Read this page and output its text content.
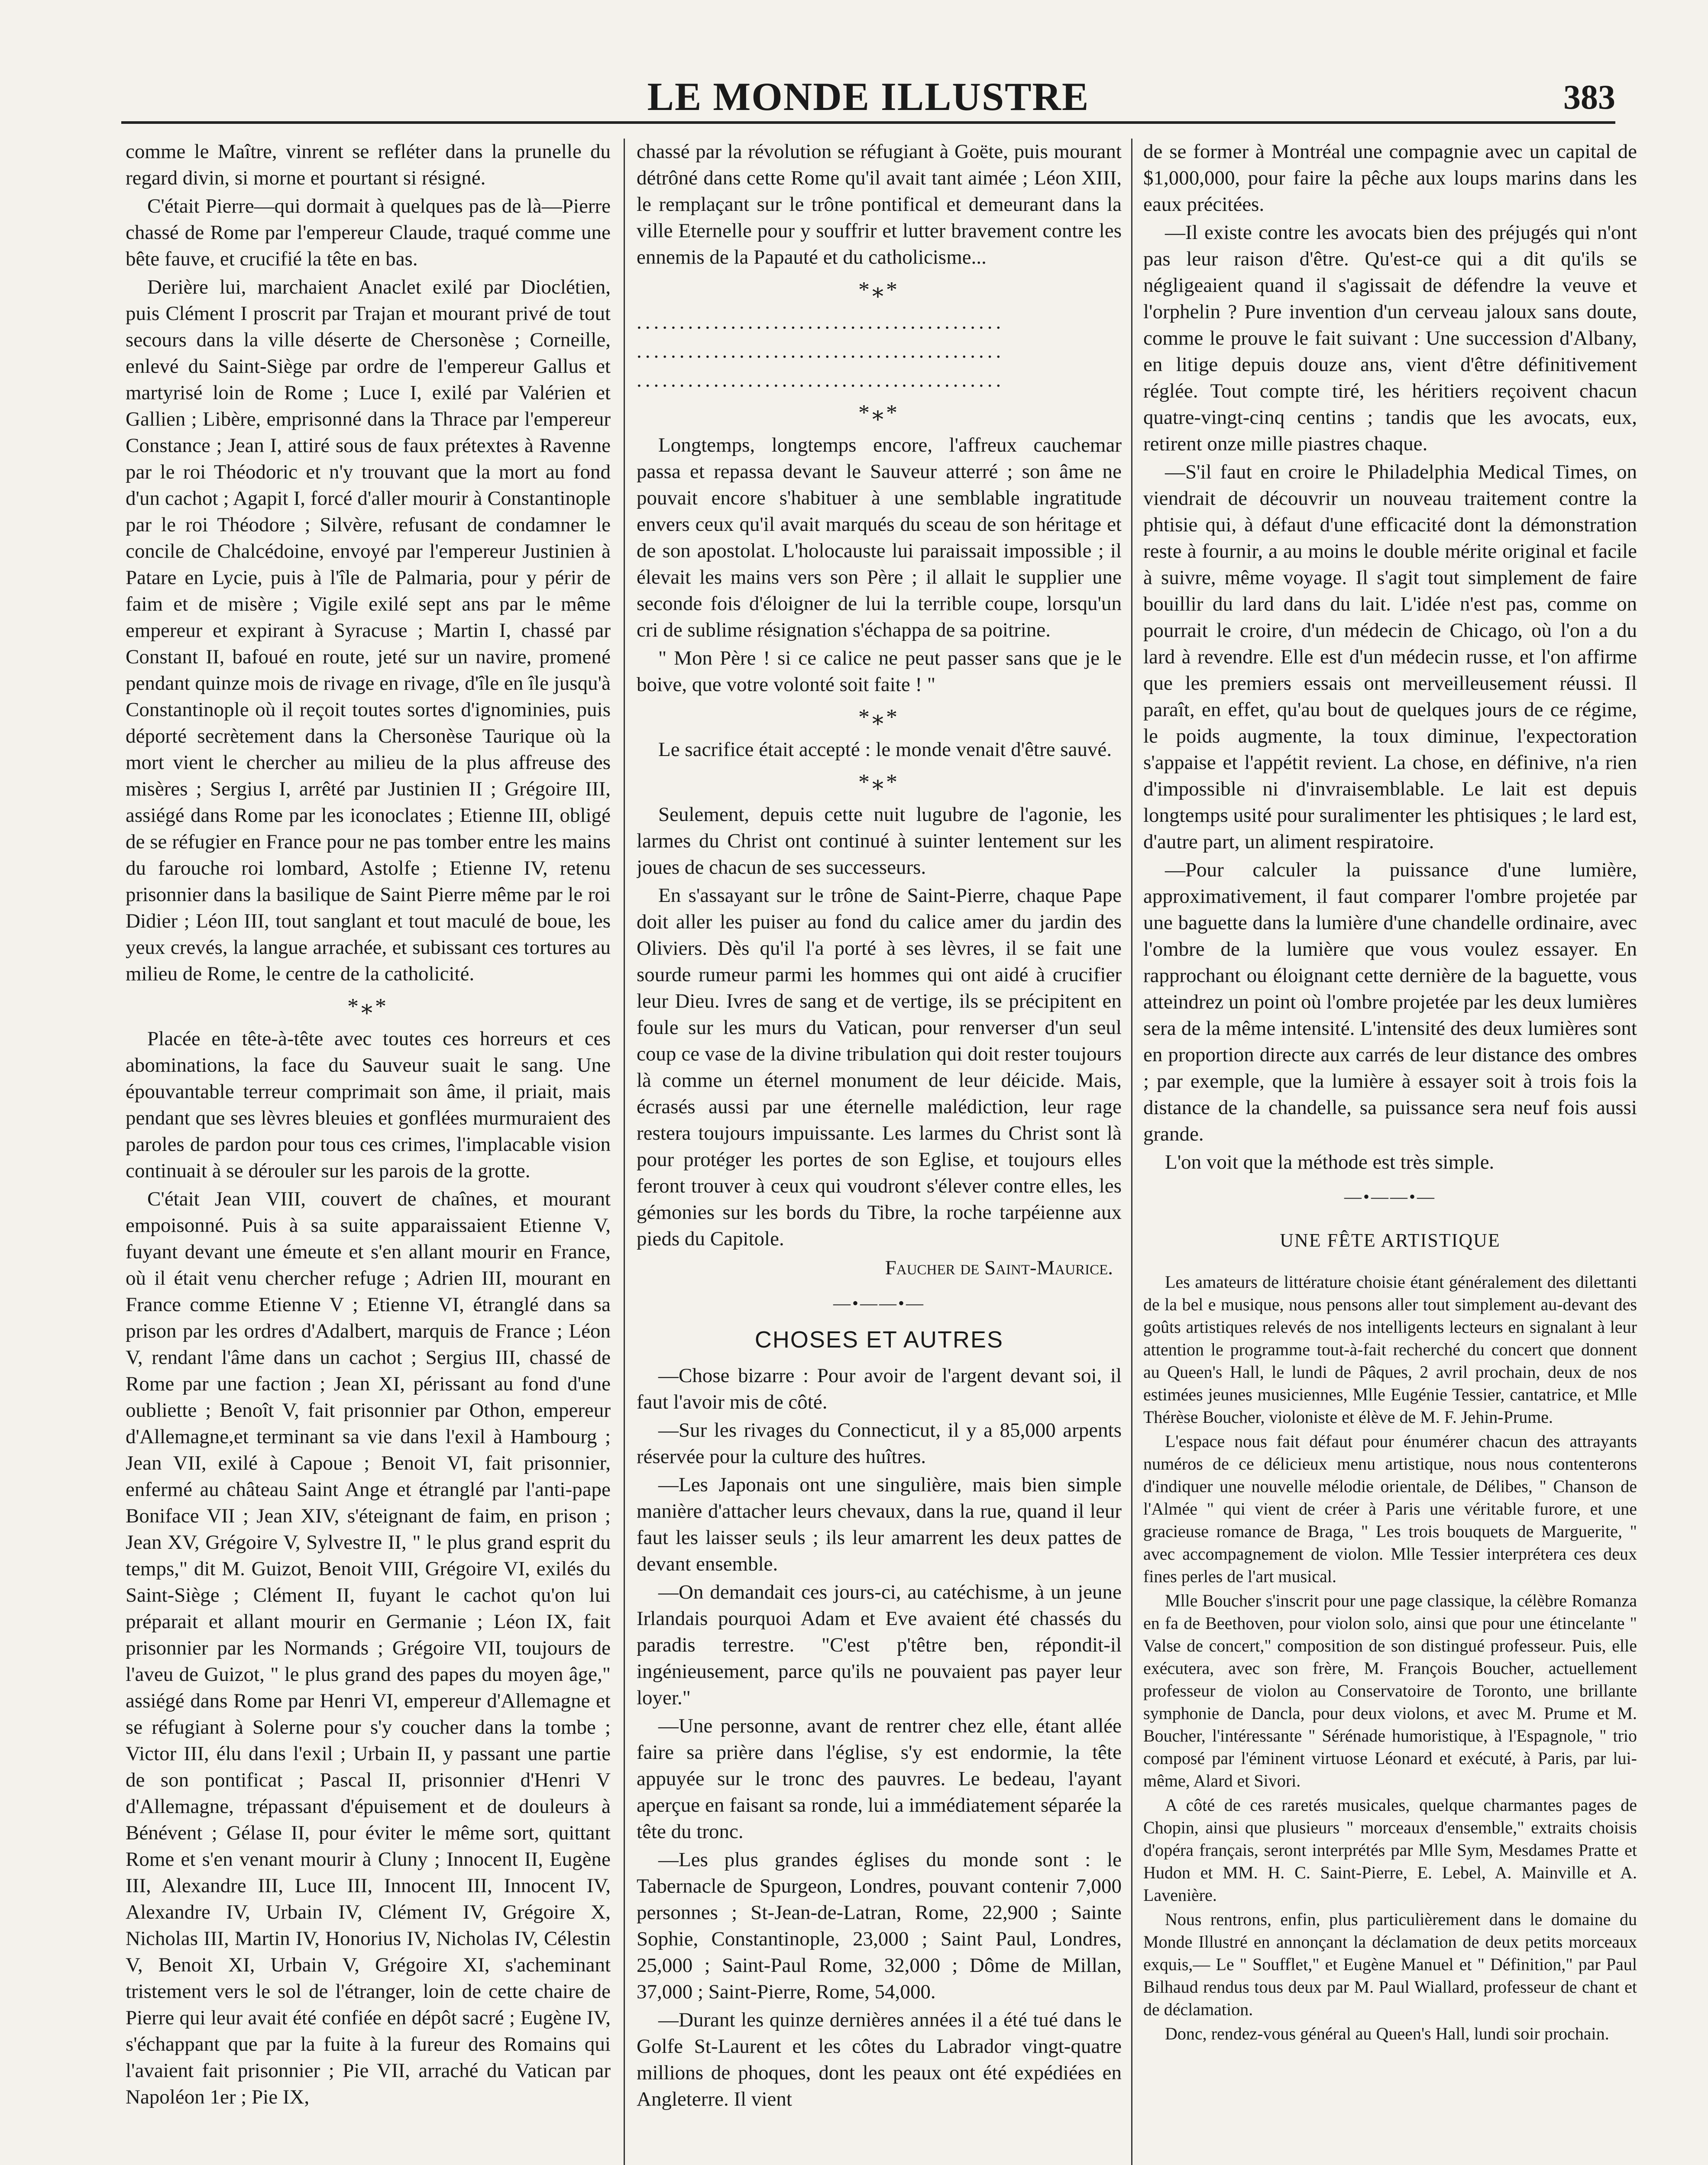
LE MONDE ILLUSTRE	383

comme le Maître, vinrent se refléter dans la prunelle du regard divin, si morne et pourtant si résigné.

C'était Pierre—qui dormait à quelques pas de là—Pierre chassé de Rome par l'empereur Claude, traqué comme une bête fauve, et crucifié la tête en bas.

Derière lui, marchaient Anaclet exilé par Dioclétien, puis Clément I proscrit par Trajan et mourant privé de tout secours dans la ville déserte de Chersonèse ; Corneille, enlevé du Saint-Siège par ordre de l'empereur Gallus et martyrisé loin de Rome ; Luce I, exilé par Valérien et Gallien ; Libère, emprisonné dans la Thrace par l'empereur Constance ; Jean I, attiré sous de faux prétextes à Ravenne par le roi Théodoric et n'y trouvant que la mort au fond d'un cachot ; Agapit I, forcé d'aller mourir à Constantinople par le roi Théodore ; Silvère, refusant de condamner le concile de Chalcédoine, envoyé par l'empereur Justinien à Patare en Lycie, puis à l'île de Palmaria, pour y périr de faim et de misère ; Vigile exilé sept ans par le même empereur et expirant à Syracuse ; Martin I, chassé par Constant II, bafoué en route, jeté sur un navire, promené pendant quinze mois de rivage en rivage, d'île en île jusqu'à Constantinople où il reçoit toutes sortes d'ignominies, puis déporté secrètement dans la Chersonèse Taurique où la mort vient le chercher au milieu de la plus affreuse des misères ; Sergius I, arrêté par Justinien II ; Grégoire III, assiégé dans Rome par les iconoclates ; Etienne III, obligé de se réfugier en France pour ne pas tomber entre les mains du farouche roi lombard, Astolfe ; Etienne IV, retenu prisonnier dans la basilique de Saint Pierre même par le roi Didier ; Léon III, tout sanglant et tout maculé de boue, les yeux crevés, la langue arrachée, et subissant ces tortures au milieu de Rome, le centre de la catholicité.

*⁎*

Placée en tête-à-tête avec toutes ces horreurs et ces abominations, la face du Sauveur suait le sang. Une épouvantable terreur comprimait son âme, il priait, mais pendant que ses lèvres bleuies et gonflées murmuraient des paroles de pardon pour tous ces crimes, l'implacable vision continuait à se dérouler sur les parois de la grotte.

C'était Jean VIII, couvert de chaînes, et mourant empoisonné. Puis à sa suite apparaissaient Etienne V, fuyant devant une émeute et s'en allant mourir en France, où il était venu chercher refuge ; Adrien III, mourant en France comme Etienne V ; Etienne VI, étranglé dans sa prison par les ordres d'Adalbert, marquis de France ; Léon V, rendant l'âme dans un cachot ; Sergius III, chassé de Rome par une faction ; Jean XI, périssant au fond d'une oubliette ; Benoît V, fait prisonnier par Othon, empereur d'Allemagne,et terminant sa vie dans l'exil à Hambourg ; Jean VII, exilé à Capoue ; Benoit VI, fait prisonnier, enfermé au château Saint Ange et étranglé par l'anti-pape Boniface VII ; Jean XIV, s'éteignant de faim, en prison ; Jean XV, Grégoire V, Sylvestre II, " le plus grand esprit du temps," dit M. Guizot, Benoit VIII, Grégoire VI, exilés du Saint-Siège ; Clément II, fuyant le cachot qu'on lui préparait et allant mourir en Germanie ; Léon IX, fait prisonnier par les Normands ; Grégoire VII, toujours de l'aveu de Guizot, " le plus grand des papes du moyen âge," assiégé dans Rome par Henri VI, empereur d'Allemagne et se réfugiant à Solerne pour s'y coucher dans la tombe ; Victor III, élu dans l'exil ; Urbain II, y passant une partie de son pontificat ; Pascal II, prisonnier d'Henri V d'Allemagne, trépassant d'épuisement et de douleurs à Bénévent ; Gélase II, pour éviter le même sort, quittant Rome et s'en venant mourir à Cluny ; Innocent II, Eugène III, Alexandre III, Luce III, Innocent III, Innocent IV, Alexandre IV, Urbain IV, Clément IV, Grégoire X, Nicholas III, Martin IV, Honorius IV, Nicholas IV, Célestin V, Benoit XI, Urbain V, Grégoire XI, s'acheminant tristement vers le sol de l'étranger, loin de cette chaire de Pierre qui leur avait été confiée en dépôt sacré ; Eugène IV, s'échappant que par la fuite à la fureur des Romains qui l'avaient fait prisonnier ; Pie VII, arraché du Vatican par Napoléon 1er ; Pie IX,

chassé par la révolution se réfugiant à Goëte, puis mourant détrôné dans cette Rome qu'il avait tant aimée ; Léon XIII, le remplaçant sur le trône pontifical et demeurant dans la ville Eternelle pour y souffrir et lutter bravement contre les ennemis de la Papauté et du catholicisme...

*⁎*
...........................................
...........................................
...........................................
*⁎*

Longtemps, longtemps encore, l'affreux cauchemar passa et repassa devant le Sauveur atterré ; son âme ne pouvait encore s'habituer à une semblable ingratitude envers ceux qu'il avait marqués du sceau de son héritage et de son apostolat. L'holocauste lui paraissait impossible ; il élevait les mains vers son Père ; il allait le supplier une seconde fois d'éloigner de lui la terrible coupe, lorsqu'un cri de sublime résignation s'échappa de sa poitrine.

" Mon Père ! si ce calice ne peut passer sans que je le boive, que votre volonté soit faite ! "

*⁎*

Le sacrifice était accepté : le monde venait d'être sauvé.

*⁎*

Seulement, depuis cette nuit lugubre de l'agonie, les larmes du Christ ont continué à suinter lentement sur les joues de chacun de ses successeurs.

En s'assayant sur le trône de Saint-Pierre, chaque Pape doit aller les puiser au fond du calice amer du jardin des Oliviers. Dès qu'il l'a porté à ses lèvres, il se fait une sourde rumeur parmi les hommes qui ont aidé à crucifier leur Dieu. Ivres de sang et de vertige, ils se précipitent en foule sur les murs du Vatican, pour renverser d'un seul coup ce vase de la divine tribulation qui doit rester toujours là comme un éternel monument de leur déicide. Mais, écrasés aussi par une éternelle malédiction, leur rage restera toujours impuissante. Les larmes du Christ sont là pour protéger les portes de son Eglise, et toujours elles feront trouver à ceux qui voudront s'élever contre elles, les gémonies sur les bords du Tibre, la roche tarpéienne aux pieds du Capitole.

Faucher de Saint-Maurice.
—•——•—
CHOSES ET AUTRES

—Chose bizarre : Pour avoir de l'argent devant soi, il faut l'avoir mis de côté.

—Sur les rivages du Connecticut, il y a 85,000 arpents réservée pour la culture des huîtres.

—Les Japonais ont une singulière, mais bien simple manière d'attacher leurs chevaux, dans la rue, quand il leur faut les laisser seuls ; ils leur amarrent les deux pattes de devant ensemble.

—On demandait ces jours-ci, au catéchisme, à un jeune Irlandais pourquoi Adam et Eve avaient été chassés du paradis terrestre. "C'est p'têtre ben, répondit-il ingénieusement, parce qu'ils ne pouvaient pas payer leur loyer."

—Une personne, avant de rentrer chez elle, étant allée faire sa prière dans l'église, s'y est endormie, la tête appuyée sur le tronc des pauvres. Le bedeau, l'ayant aperçue en faisant sa ronde, lui a immédiatement séparée la tête du tronc.

—Les plus grandes églises du monde sont : le Tabernacle de Spurgeon, Londres, pouvant contenir 7,000 personnes ; St-Jean-de-Latran, Rome, 22,900 ; Sainte Sophie, Constantinople, 23,000 ; Saint Paul, Londres, 25,000 ; Saint-Paul Rome, 32,000 ; Dôme de Millan, 37,000 ; Saint-Pierre, Rome, 54,000.

—Durant les quinze dernières années il a été tué dans le Golfe St-Laurent et les côtes du Labrador vingt-quatre millions de phoques, dont les peaux ont été expédiées en Angleterre. Il vient

de se former à Montréal une compagnie avec un capital de $1,000,000, pour faire la pêche aux loups marins dans les eaux précitées.

—Il existe contre les avocats bien des préjugés qui n'ont pas leur raison d'être. Qu'est-ce qui a dit qu'ils se négligeaient quand il s'agissait de défendre la veuve et l'orphelin ? Pure invention d'un cerveau jaloux sans doute, comme le prouve le fait suivant : Une succession d'Albany, en litige depuis douze ans, vient d'être définitivement réglée. Tout compte tiré, les héritiers reçoivent chacun quatre-vingt-cinq centins ; tandis que les avocats, eux, retirent onze mille piastres chaque.

—S'il faut en croire le Philadelphia Medical Times, on viendrait de découvrir un nouveau traitement contre la phtisie qui, à défaut d'une efficacité dont la démonstration reste à fournir, a au moins le double mérite original et facile à suivre, même voyage. Il s'agit tout simplement de faire bouillir du lard dans du lait. L'idée n'est pas, comme on pourrait le croire, d'un médecin de Chicago, où l'on a du lard à revendre. Elle est d'un médecin russe, et l'on affirme que les premiers essais ont merveilleusement réussi. Il paraît, en effet, qu'au bout de quelques jours de ce régime, le poids augmente, la toux diminue, l'expectoration s'appaise et l'appétit revient. La chose, en définive, n'a rien d'impossible ni d'invraisemblable. Le lait est depuis longtemps usité pour suralimenter les phtisiques ; le lard est, d'autre part, un aliment respiratoire.

—Pour calculer la puissance d'une lumière, approximativement, il faut comparer l'ombre projetée par une baguette dans la lumière d'une chandelle ordinaire, avec l'ombre de la lumière que vous voulez essayer. En rapprochant ou éloignant cette dernière de la baguette, vous atteindrez un point où l'ombre projetée par les deux lumières sera de la même intensité. L'intensité des deux lumières sont en proportion directe aux carrés de leur distance des ombres ; par exemple, que la lumière à essayer soit à trois fois la distance de la chandelle, sa puissance sera neuf fois aussi grande.

L'on voit que la méthode est très simple.

—•——•—
UNE FÊTE ARTISTIQUE

Les amateurs de littérature choisie étant généralement des dilettanti de la bel e musique, nous pensons aller tout simplement au-devant des goûts artistiques relevés de nos intelligents lecteurs en signalant à leur attention le programme tout-à-fait recherché du concert que donnent au Queen's Hall, le lundi de Pâques, 2 avril prochain, deux de nos estimées jeunes musiciennes, Mlle Eugénie Tessier, cantatrice, et Mlle Thérèse Boucher, violoniste et élève de M. F. Jehin-Prume.

L'espace nous fait défaut pour énumérer chacun des attrayants numéros de ce délicieux menu artistique, nous nous contenterons d'indiquer une nouvelle mélodie orientale, de Délibes, " Chanson de l'Almée " qui vient de créer à Paris une véritable furore, et une gracieuse romance de Braga, " Les trois bouquets de Marguerite, " avec accompagnement de violon. Mlle Tessier interprétera ces deux fines perles de l'art musical.

Mlle Boucher s'inscrit pour une page classique, la célèbre Romanza en fa de Beethoven, pour violon solo, ainsi que pour une étincelante " Valse de concert," composition de son distingué professeur. Puis, elle exécutera, avec son frère, M. François Boucher, actuellement professeur de violon au Conservatoire de Toronto, une brillante symphonie de Dancla, pour deux violons, et avec M. Prume et M. Boucher, l'intéressante " Sérénade humoristique, à l'Espagnole, " trio composé par l'éminent virtuose Léonard et exécuté, à Paris, par lui-même, Alard et Sivori.

A côté de ces raretés musicales, quelque charmantes pages de Chopin, ainsi que plusieurs " morceaux d'ensemble," extraits choisis d'opéra français, seront interprétés par Mlle Sym, Mesdames Pratte et Hudon et MM. H. C. Saint-Pierre, E. Lebel, A. Mainville et A. Lavenière.

Nous rentrons, enfin, plus particulièrement dans le domaine du Monde Illustré en annonçant la déclamation de deux petits morceaux exquis,— Le " Soufflet," et Eugène Manuel et " Définition," par Paul Bilhaud rendus tous deux par M. Paul Wiallard, professeur de chant et de déclamation.

Donc, rendez-vous général au Queen's Hall, lundi soir prochain.
